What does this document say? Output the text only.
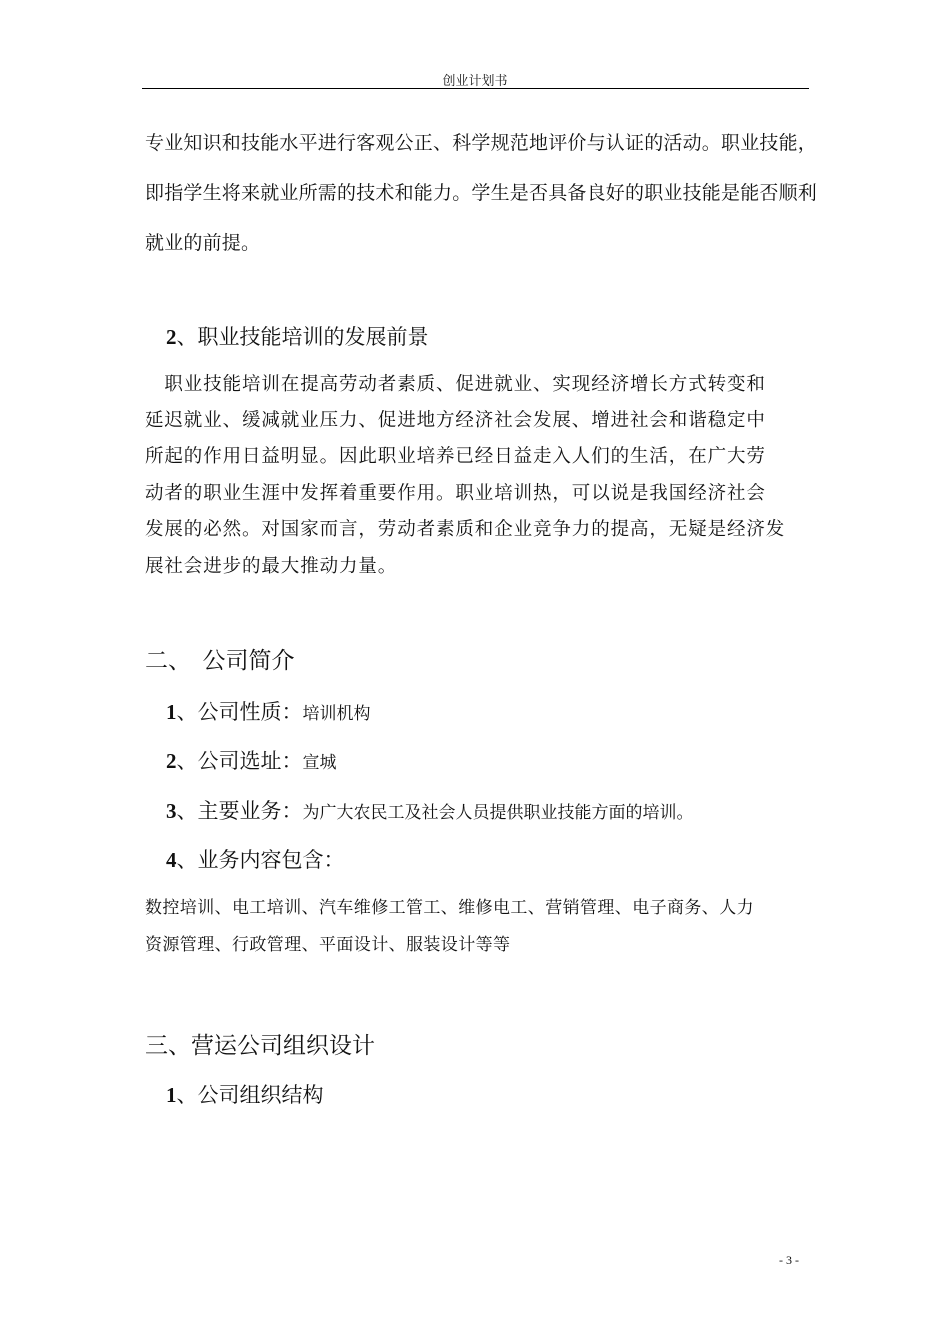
创业计划书
专业知识和技能水平进行客观公正、科学规范地评价与认证的活动。职业技能，
即指学生将来就业所需的技术和能力。学生是否具备良好的职业技能是能否顺利
就业的前提。
2、职业技能培训的发展前景
　职业技能培训在提高劳动者素质、促进就业、实现经济增长方式转变和
延迟就业、缓减就业压力、促进地方经济社会发展、增进社会和谐稳定中
所起的作用日益明显。因此职业培养已经日益走入人们的生活，在广大劳
动者的职业生涯中发挥着重要作用。职业培训热，可以说是我国经济社会
发展的必然。对国家而言，劳动者素质和企业竞争力的提高，无疑是经济发
展社会进步的最大推动力量。
二、　公司简介
1、公司性质：培训机构
2、公司选址：宣城
3、主要业务：为广大农民工及社会人员提供职业技能方面的培训。
4、业务内容包含：
数控培训、电工培训、汽车维修工管工、维修电工、营销管理、电子商务、人力
资源管理、行政管理、平面设计、服装设计等等
三、营运公司组织设计
1、公司组织结构
- 3 -
